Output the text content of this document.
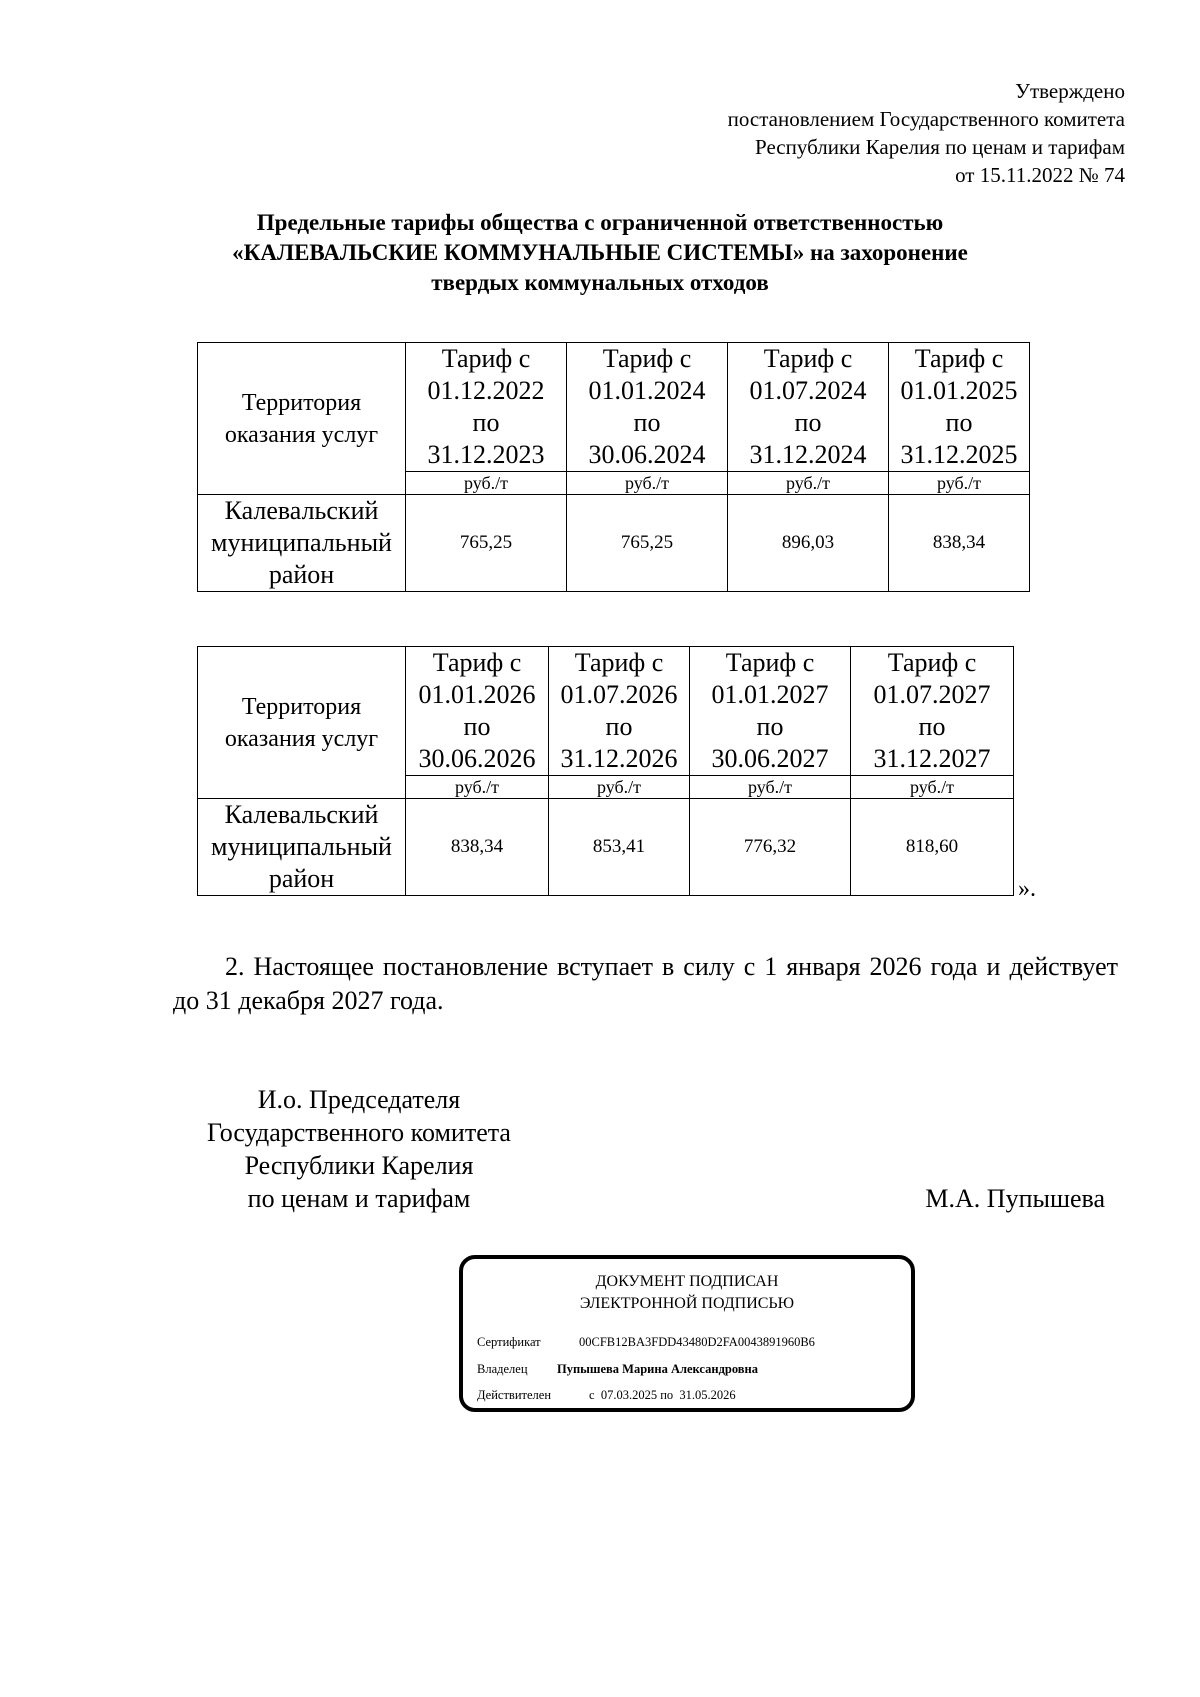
Утверждено
постановлением Государственного комитета
Республики Карелия по ценам и тарифам
от 15.11.2022 № 74
Предельные тарифы общества с ограниченной ответственностью
«КАЛЕВАЛЬСКИЕ КОММУНАЛЬНЫЕ СИСТЕМЫ» на захоронение
твердых коммунальных отходов
Территория
оказания услуг	Тариф с
01.12.2022
по
31.12.2023	Тариф с
01.01.2024
по
30.06.2024	Тариф с
01.07.2024
по
31.12.2024	Тариф с
01.01.2025
по
31.12.2025

	руб./т	руб./т	руб./т	руб./т

Калевальский
муниципальный
район	765,25	765,25	896,03	838,34
Территория
оказания услуг	Тариф с
01.01.2026
по
30.06.2026	Тариф с
01.07.2026
по
31.12.2026	Тариф с
01.01.2027
по
30.06.2027	Тариф с
01.07.2027
по
31.12.2027

	руб./т	руб./т	руб./т	руб./т

Калевальский
муниципальный
район	838,34	853,41	776,32	818,60
».
2. Настоящее постановление вступает в силу с 1 января 2026 года и действует до 31 декабря 2027 года.
И.о. Председателя
Государственного комитета
Республики Карелия
по ценам и тарифам	М.А. Пупышева
ДОКУМЕНТ ПОДПИСАН
ЭЛЕКТРОННОЙ ПОДПИСЬЮ
Сертификат	00CFB12BA3FDD43480D2FA0043891960B6
Владелец Пупышева Марина Александровна
Действителен	с 07.03.2025 по 31.05.2026
